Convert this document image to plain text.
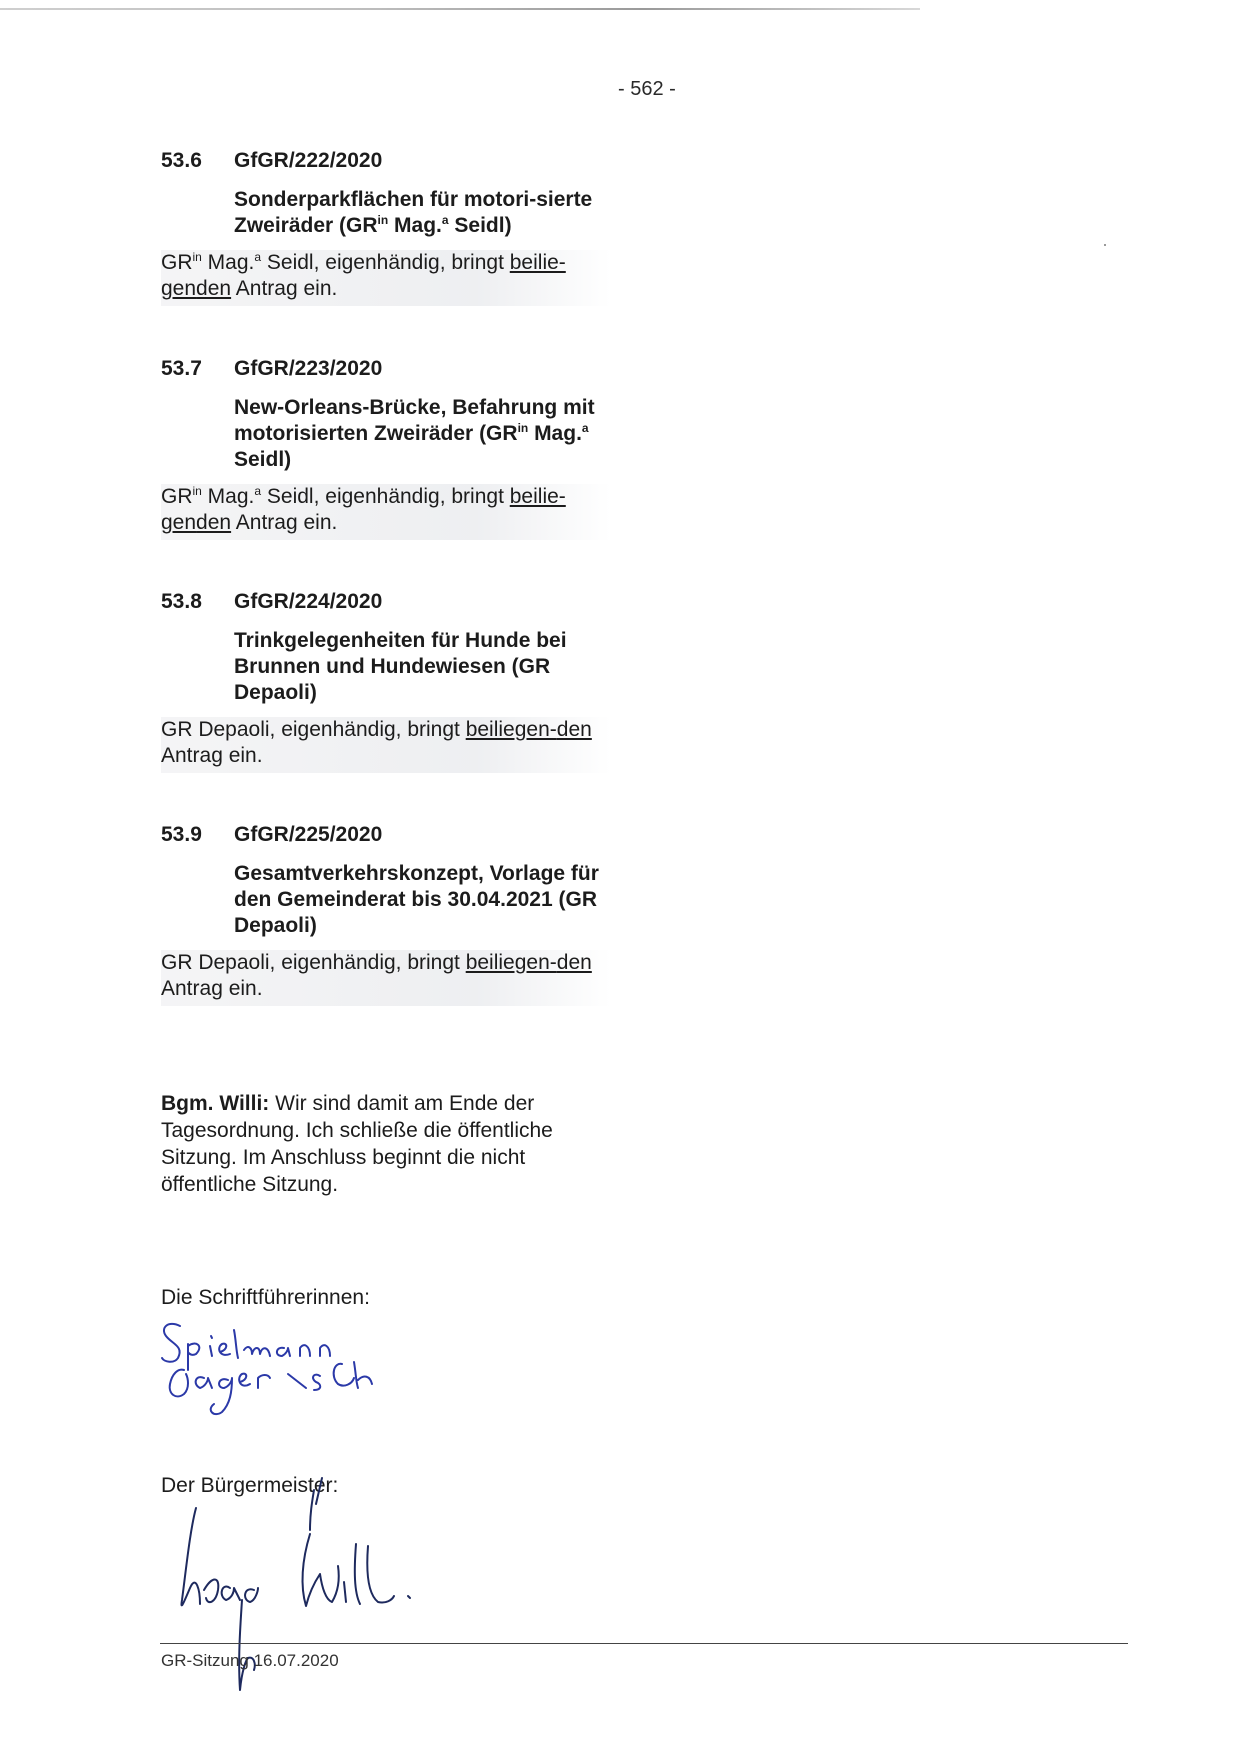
- 562 -
53.6	GfGR/222/2020
Sonderparkflächen für motori-sierte Zweiräder ($GR^{in}$ Mag.$^a$ Seidl)
$GR^{in}$ Mag.$^a$ Seidl, eigenhändig, bringt beilie-genden Antrag ein.
53.7	GfGR/223/2020
New-Orleans-Brücke, Befahrung mit motorisierten Zweiräder ($GR^{in}$ Mag.$^a$ Seidl)
$GR^{in}$ Mag.$^a$ Seidl, eigenhändig, bringt beilie-genden Antrag ein.
53.8	GfGR/224/2020
Trinkgelegenheiten für Hunde bei Brunnen und Hundewiesen (GR Depaoli)
GR Depaoli, eigenhändig, bringt beiliegen-den Antrag ein.
53.9	GfGR/225/2020
Gesamtverkehrskonzept, Vorlage für den Gemeinderat bis 30.04.2021 (GR Depaoli)
GR Depaoli, eigenhändig, bringt beiliegen-den Antrag ein.
Bgm. Willi: Wir sind damit am Ende der Tagesordnung. Ich schließe die öffentliche Sitzung. Im Anschluss beginnt die nicht öffentliche Sitzung.
Die Schriftführerinnen:
Der Bürgermeister:
GR-Sitzung 16.07.2020
